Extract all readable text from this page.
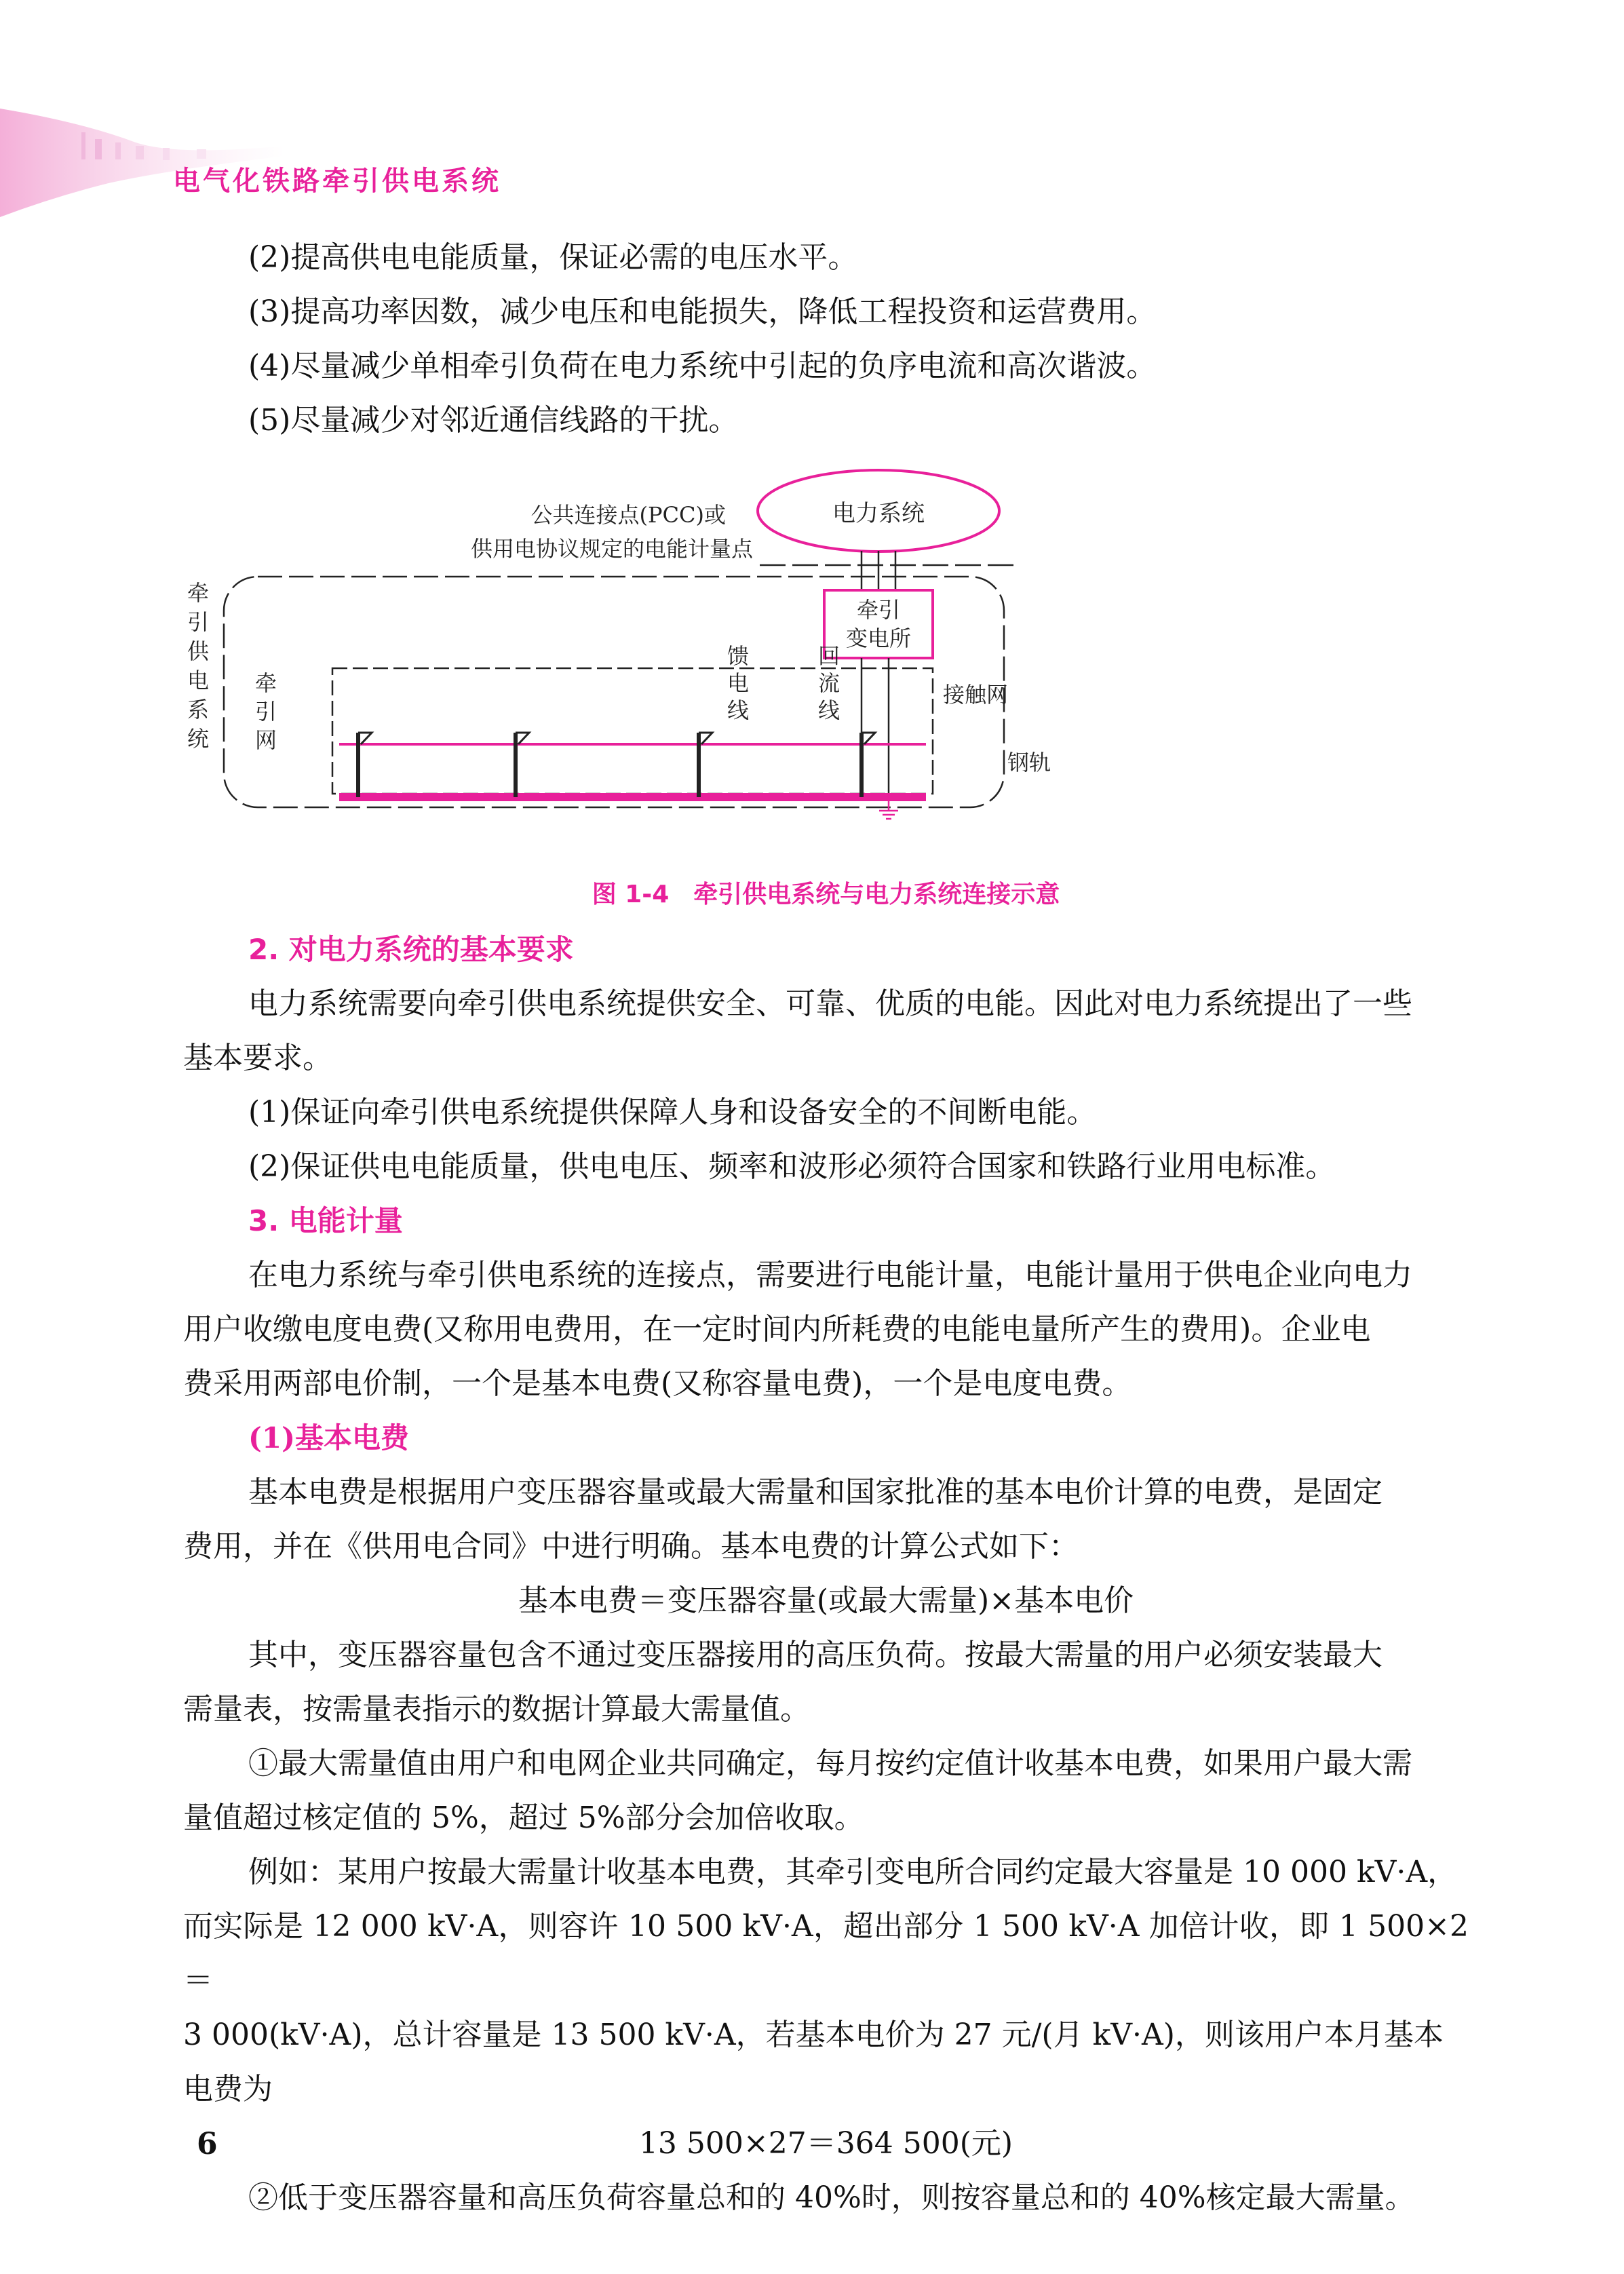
电气化铁路牵引供电系统

(2)提高供电电能质量，保证必需的电压水平。

(3)提高功率因数，减少电压和电能损失，降低工程投资和运营费用。

(4)尽量减少单相牵引负荷在电力系统中引起的负序电流和高次谐波。

(5)尽量减少对邻近通信线路的干扰。

电力系统
公共连接点(PCC)或
供用电协议规定的电能计量点
牵引
变电所
牵
引
供
电
系
统
牵
引
网
馈
电
线
回
流
线
接触网
钢轨
图 1-4　牵引供电系统与电力系统连接示意
2. 对电力系统的基本要求

电力系统需要向牵引供电系统提供安全、可靠、优质的电能。因此对电力系统提出了一些

基本要求。

(1)保证向牵引供电系统提供保障人身和设备安全的不间断电能。

(2)保证供电电能质量，供电电压、频率和波形必须符合国家和铁路行业用电标准。

3. 电能计量

在电力系统与牵引供电系统的连接点，需要进行电能计量，电能计量用于供电企业向电力

用户收缴电度电费(又称用电费用，在一定时间内所耗费的电能电量所产生的费用)。企业电

费采用两部电价制，一个是基本电费(又称容量电费)，一个是电度电费。

(1)基本电费

基本电费是根据用户变压器容量或最大需量和国家批准的基本电价计算的电费，是固定

费用，并在《供用电合同》中进行明确。基本电费的计算公式如下：

基本电费＝变压器容量(或最大需量)×基本电价

其中，变压器容量包含不通过变压器接用的高压负荷。按最大需量的用户必须安装最大

需量表，按需量表指示的数据计算最大需量值。

①最大需量值由用户和电网企业共同确定，每月按约定值计收基本电费，如果用户最大需

量值超过核定值的 5%，超过 5%部分会加倍收取。

例如：某用户按最大需量计收基本电费，其牵引变电所合同约定最大容量是 10 000 kV·A，

而实际是 12 000 kV·A，则容许 10 500 kV·A，超出部分 1 500 kV·A 加倍计收，即 1 500×2＝

3 000(kV·A)，总计容量是 13 500 kV·A，若基本电价为 27 元/(月 kV·A)，则该用户本月基本

电费为

13 500×27＝364 500(元)

②低于变压器容量和高压负荷容量总和的 40%时，则按容量总和的 40%核定最大需量。

6
